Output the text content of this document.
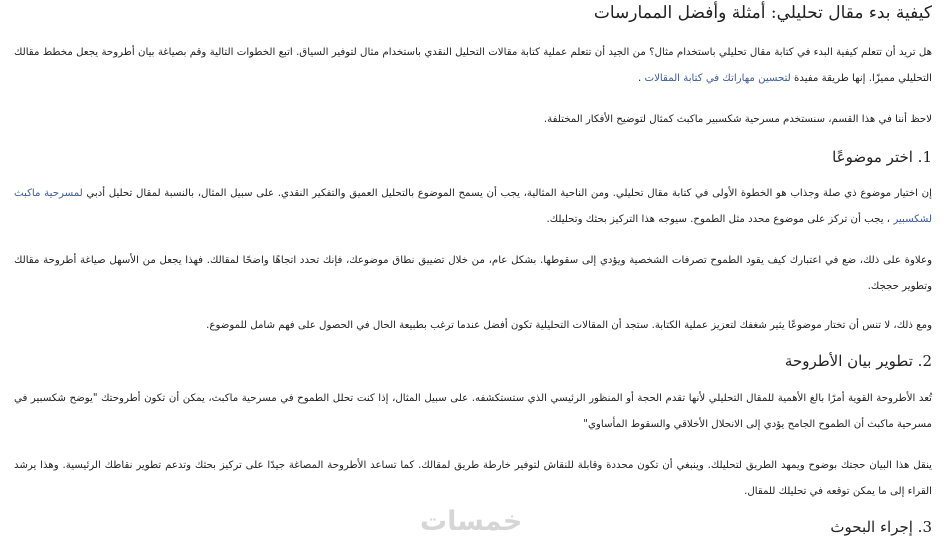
كيفية بدء مقال تحليلي: أمثلة وأفضل الممارسات

هل تريد أن تتعلم كيفية البدء في كتابة مقال تحليلي باستخدام مثال؟ من الجيد أن تتعلم عملية كتابة مقالات التحليل النقدي باستخدام مثال لتوفير السياق. اتبع الخطوات التالية وقم بصياغة بيان أطروحة يجعل مخطط مقالك التحليلي مميزًا. إنها طريقة مفيدة لتحسين مهاراتك في كتابة المقالات .

لاحظ أننا في هذا القسم، سنستخدم مسرحية شكسبير ماكبث كمثال لتوضيح الأفكار المختلفة.

1. اختر موضوعًا

إن اختيار موضوع ذي صلة وجذاب هو الخطوة الأولى في كتابة مقال تحليلي. ومن الناحية المثالية، يجب أن يسمح الموضوع بالتحليل العميق والتفكير النقدي. على سبيل المثال، بالنسبة لمقال تحليل أدبي لمسرحية ماكبث لشكسبير ، يجب أن تركز على موضوع محدد مثل الطموح. سيوجه هذا التركيز بحثك وتحليلك.

وعلاوة على ذلك، ضع في اعتبارك كيف يقود الطموح تصرفات الشخصية ويؤدي إلى سقوطها. بشكل عام، من خلال تضييق نطاق موضوعك، فإنك تحدد اتجاهًا واضحًا لمقالك. فهذا يجعل من الأسهل صياغة أطروحة مقالك وتطوير حججك.

ومع ذلك، لا تنس أن تختار موضوعًا يثير شغفك لتعزيز عملية الكتابة. ستجد أن المقالات التحليلية تكون أفضل عندما ترغب بطبيعة الحال في الحصول على فهم شامل للموضوع.

2. تطوير بيان الأطروحة

تُعد الأطروحة القوية أمرًا بالغ الأهمية للمقال التحليلي لأنها تقدم الحجة أو المنظور الرئيسي الذي ستستكشفه. على سبيل المثال، إذا كنت تحلل الطموح في مسرحية ماكبث، يمكن أن تكون أطروحتك "يوضح شكسبير في مسرحية ماكبث أن الطموح الجامح يؤدي إلى الانحلال الأخلاقي والسقوط المأساوي"

ينقل هذا البيان حجتك بوضوح ويمهد الطريق لتحليلك. وينبغي أن تكون محددة وقابلة للنقاش لتوفير خارطة طريق لمقالك. كما تساعد الأطروحة المصاغة جيدًا على تركيز بحثك وتدعم تطوير نقاطك الرئيسية. وهذا يرشد القراء إلى ما يمكن توقعه في تحليلك للمقال.

3. إجراء البحوث
خمسات
